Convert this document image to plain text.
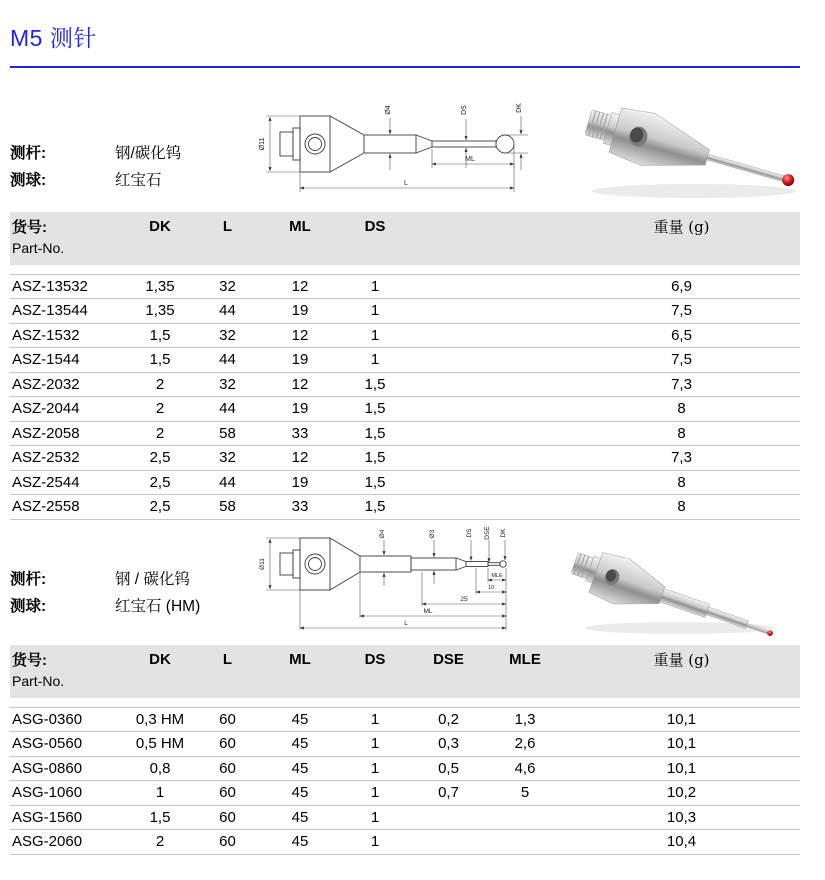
M5 测针
测杆:	钢/碳化钨
测球:	红宝石
Ø11
Ø4	DS	DK
ML
L
货号:	DK	L	ML	DS			重量 (g)
Part-No.							

ASZ-13532	1,35	32	12	1			6,9
ASZ-13544	1,35	44	19	1			7,5
ASZ-1532	1,5	32	12	1			6,5
ASZ-1544	1,5	44	19	1			7,5
ASZ-2032	2	32	12	1,5			7,3
ASZ-2044	2	44	19	1,5			8
ASZ-2058	2	58	33	1,5			8
ASZ-2532	2,5	32	12	1,5			7,3
ASZ-2544	2,5	44	19	1,5			8
ASZ-2558	2,5	58	33	1,5			8
测杆:	钢 / 碳化钨
测球:	红宝石 (HM)
Ø11
Ø4	Ø3	DS DSE DK
MLE
10
25
ML
L
货号:	DK	L	ML	DS	DSE	MLE	重量 (g)
Part-No.							

ASG-0360	0,3 HM	60	45	1	0,2	1,3	10,1
ASG-0560	0,5 HM	60	45	1	0,3	2,6	10,1
ASG-0860	0,8	60	45	1	0,5	4,6	10,1
ASG-1060	1	60	45	1	0,7	5	10,2
ASG-1560	1,5	60	45	1			10,3
ASG-2060	2	60	45	1			10,4
